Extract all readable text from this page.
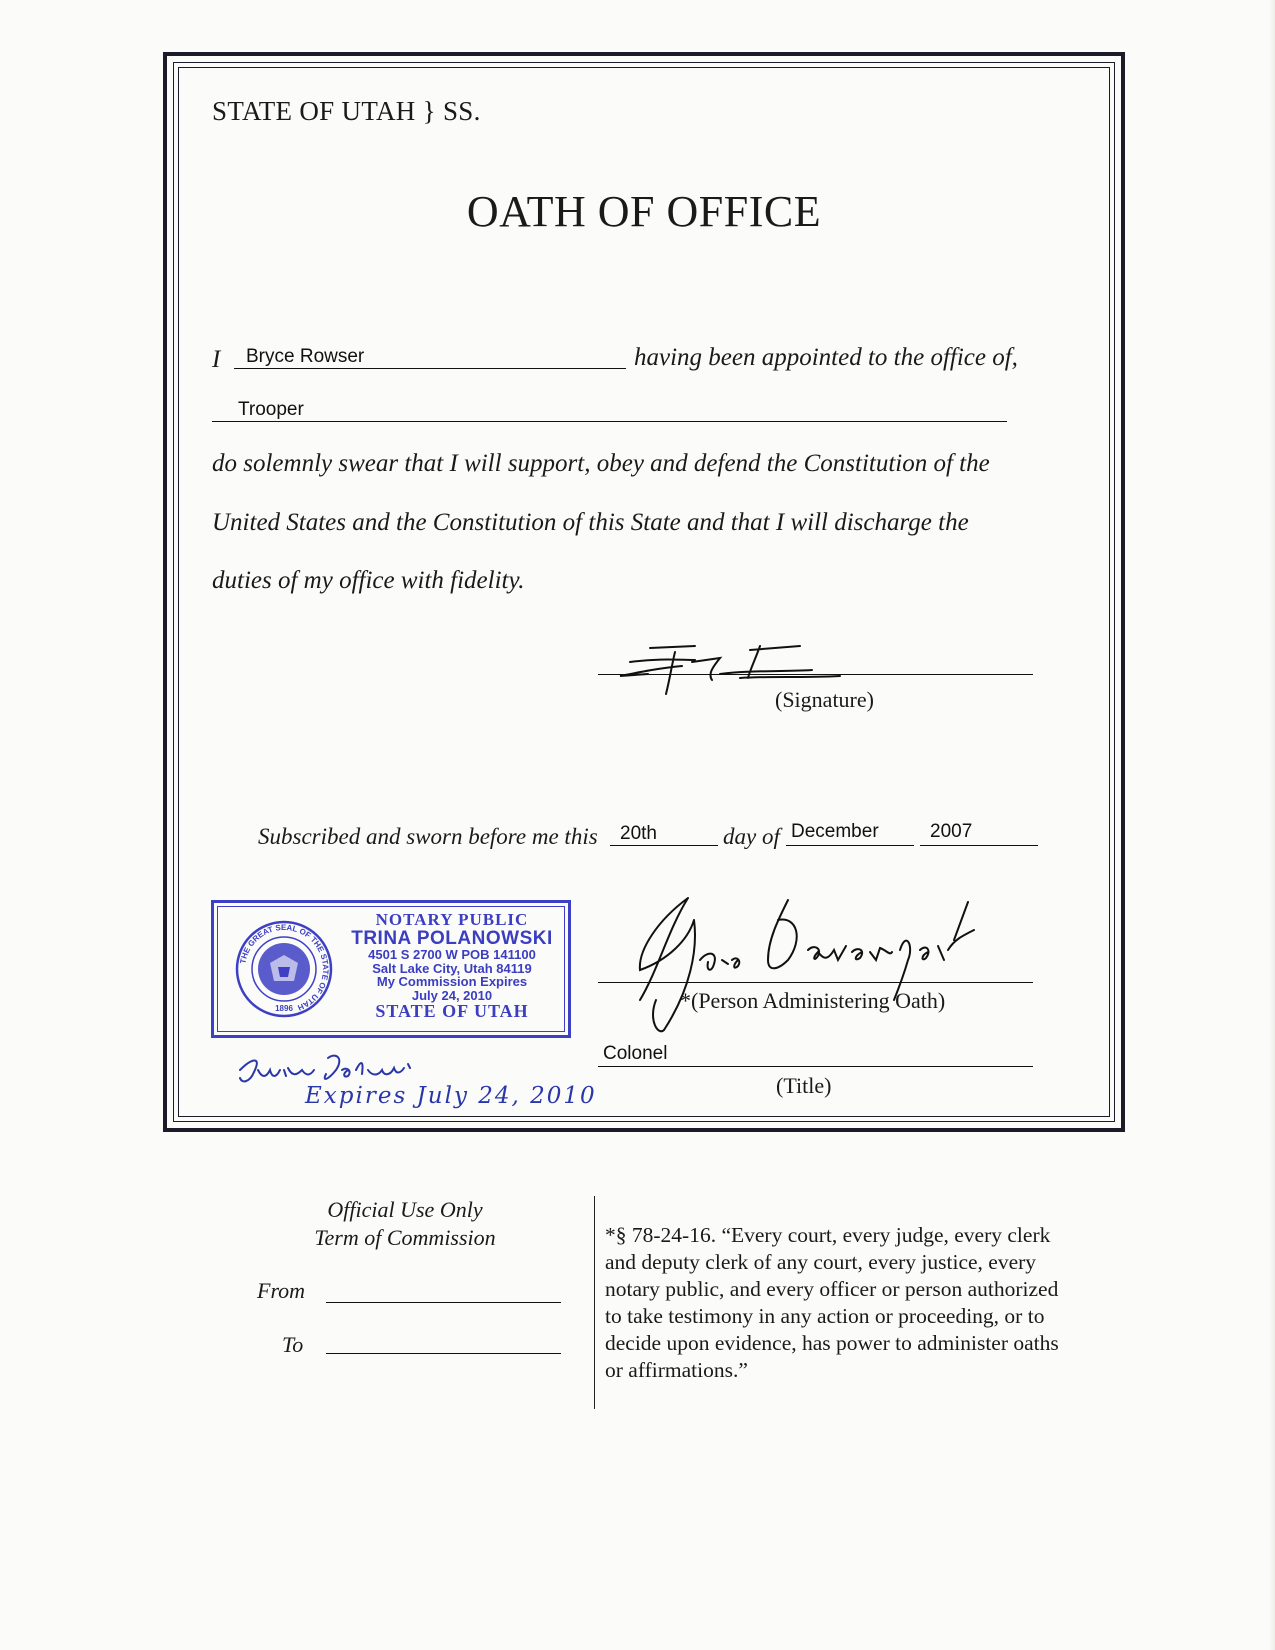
STATE OF UTAH } SS.
OATH OF OFFICE
I Bryce Rowser	having been appointed to the office of,
Trooper
do solemnly swear that I will support, obey and defend the Constitution of the
United States and the Constitution of this State and that I will discharge the
duties of my office with fidelity.
(Signature)
Subscribed and sworn before me this 20th	day of December	2007
THE GREAT SEAL OF THE STATE OF UTAH
1896
NOTARY PUBLIC
TRINA POLANOWSKI
4501 S 2700 W POB 141100
Salt Lake City, Utah 84119
My Commission Expires
July 24, 2010
STATE OF UTAH
Expires July 24, 2010
*(Person Administering Oath)
Colonel
(Title)
Official Use Only
Term of Commission
From
To
*§ 78-24-16. “Every court, every judge, every clerk and deputy clerk of any court, every justice, every notary public, and every officer or person authorized to take testimony in any action or proceeding, or to decide upon evidence, has power to administer oaths or affirmations.”
